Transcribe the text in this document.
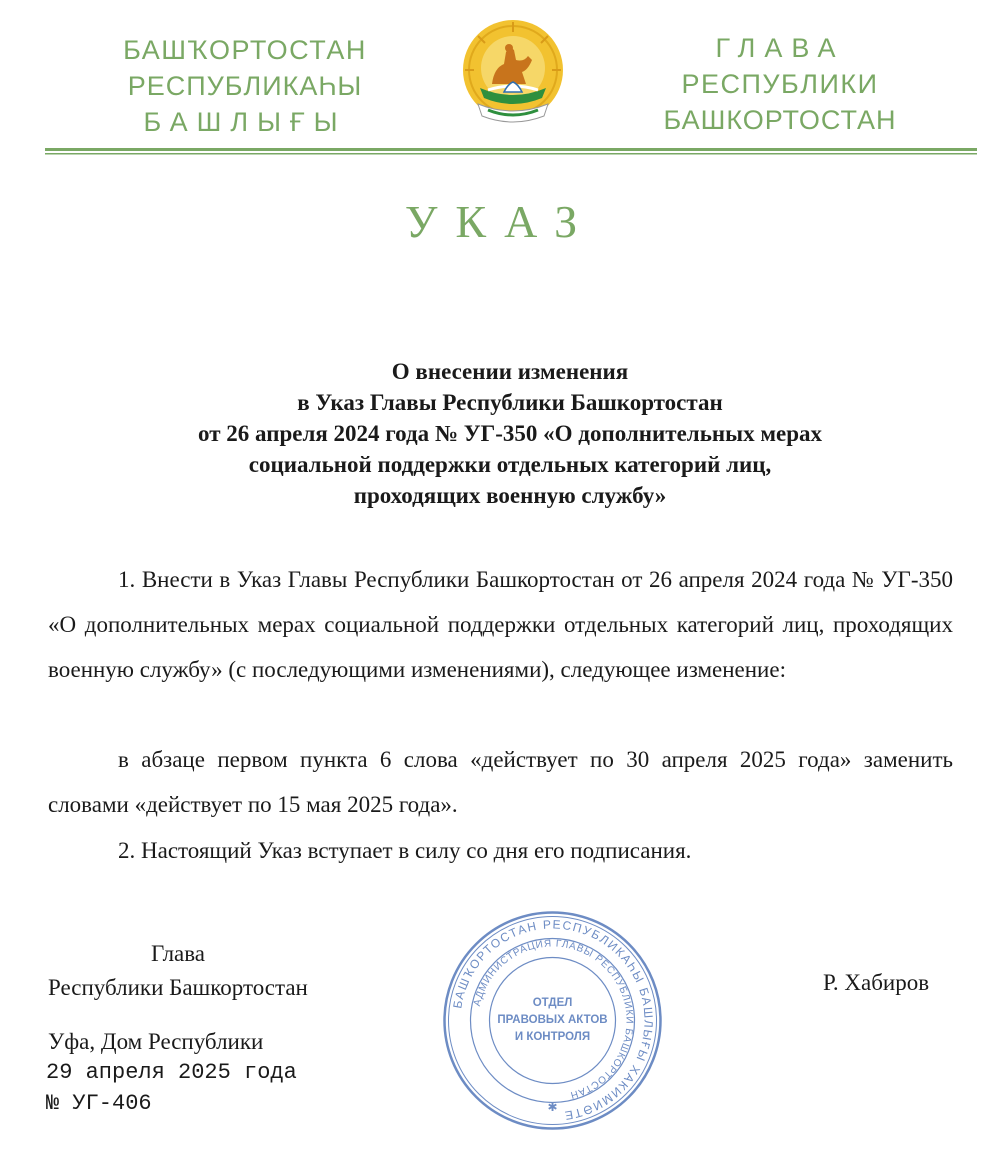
БАШҠОРТОСТАН
РЕСПУБЛИКАҺЫ
БАШЛЫҒЫ
ГЛАВА
РЕСПУБЛИКИ
БАШКОРТОСТАН
УКАЗ
О внесении изменения
в Указ Главы Республики Башкортостан
от 26 апреля 2024 года № УГ-350 «О дополнительных мерах
социальной поддержки отдельных категорий лиц,
проходящих военную службу»
1. Внести в Указ Главы Республики Башкортостан от 26 апреля 2024 года № УГ-350 «О дополнительных мерах социальной поддержки отдельных категорий лиц, проходящих военную службу» (с последующими изменениями), следующее изменение:
в абзаце первом пункта 6 слова «действует по 30 апреля 2025 года» заменить словами «действует по 15 мая 2025 года».
2. Настоящий Указ вступает в силу со дня его подписания.
Глава
Республики Башкортостан	Р. Хабиров
БАШҠОРТОСТАН РЕСПУБЛИКАҺЫ БАШЛЫҒЫ ХАКИМИӘТЕ
АДМИНИСТРАЦИЯ ГЛАВЫ РЕСПУБЛИКИ БАШКОРТОСТАН
ОТДЕЛ
ПРАВОВЫХ АКТОВ
И КОНТРОЛЯ
✱
Уфа, Дом Республики
29 апреля 2025 года
№ УГ-406
